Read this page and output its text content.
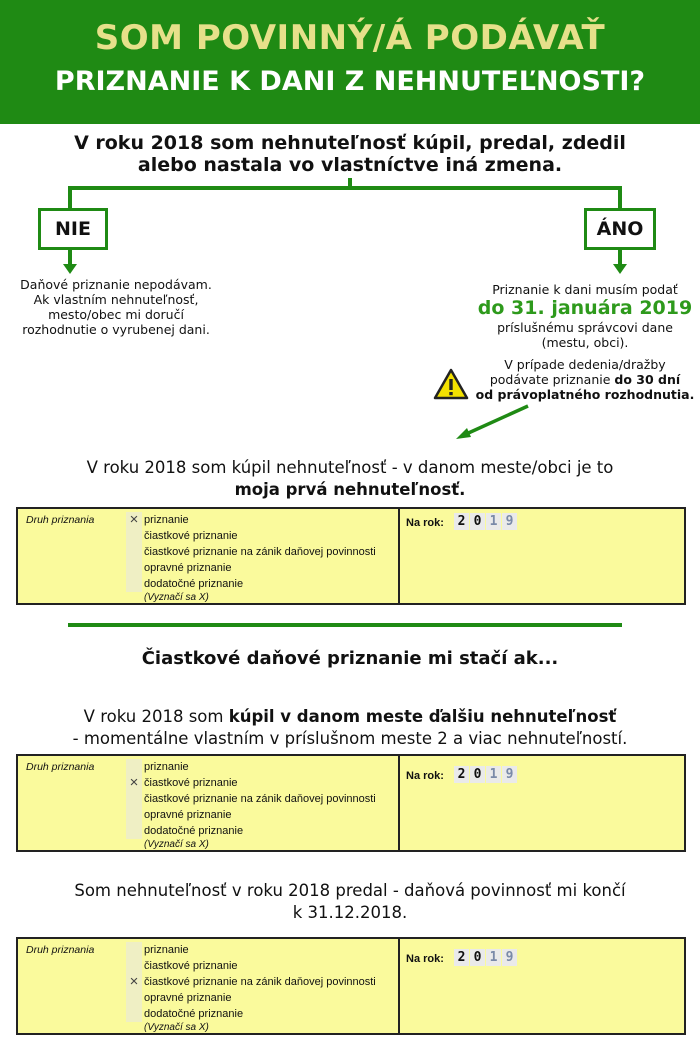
SOM POVINNÝ/Á PODÁVAŤ
PRIZNANIE K DANI Z NEHNUTEĽNOSTI?
V roku 2018 som nehnuteľnosť kúpil, predal, zdedil
alebo nastala vo vlastníctve iná zmena.
NIE	ÁNO
Daňové priznanie nepodávam.
Ak vlastním nehnuteľnosť,
mesto/obec mi doručí
rozhodnutie o vyrubenej dani.
Priznanie k dani musím podať
do 31. januára 2019
príslušnému správcovi dane
(mestu, obci).
V prípade dedenia/dražby
podávate priznanie do 30 dní
od právoplatného rozhodnutia.
V roku 2018 som kúpil nehnuteľnosť - v danom meste/obci je to
moja prvá nehnuteľnosť.
Druh priznania × priznanie
čiastkové priznanie
čiastkové priznanie na zánik daňovej povinnosti
opravné priznanie
dodatočné priznanie
(Vyznačí sa X)
Na rok: 2 0 1 9
Čiastkové daňové priznanie mi stačí ak...
V roku 2018 som kúpil v danom meste ďalšiu nehnuteľnosť
- momentálne vlastním v príslušnom meste 2 a viac nehnuteľností.
Druh priznania	priznanie
× čiastkové priznanie
čiastkové priznanie na zánik daňovej povinnosti
opravné priznanie
dodatočné priznanie
(Vyznačí sa X)
Na rok: 2 0 1 9
Som nehnuteľnosť v roku 2018 predal - daňová povinnosť mi končí
k 31.12.2018.
Druh priznania	priznanie
čiastkové priznanie
× čiastkové priznanie na zánik daňovej povinnosti
opravné priznanie
dodatočné priznanie
(Vyznačí sa X)
Na rok: 2 0 1 9
